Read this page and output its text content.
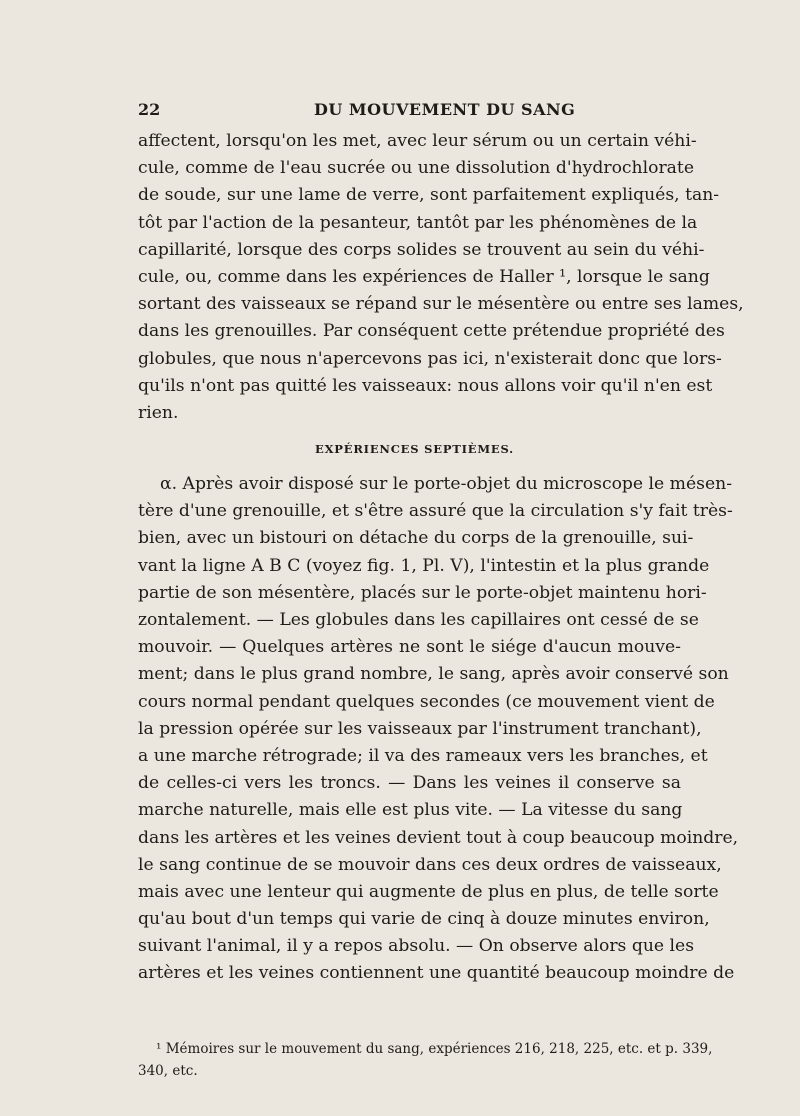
22	DU MOUVEMENT DU SANG
affectent, lorsqu'on les met, avec leur sérum ou un certain véhi-
cule, comme de l'eau sucrée ou une dissolution d'hydrochlorate
de soude, sur une lame de verre, sont parfaitement expliqués, tan-
tôt par l'action de la pesanteur, tantôt par les phénomènes de la
capillarité, lorsque des corps solides se trouvent au sein du véhi-
cule, ou, comme dans les expériences de Haller ¹, lorsque le sang
sortant des vaisseaux se répand sur le mésentère ou entre ses lames,
dans les grenouilles. Par conséquent cette prétendue propriété des
globules, que nous n'apercevons pas ici, n'existerait donc que lors-
qu'ils n'ont pas quitté les vaisseaux: nous allons voir qu'il n'en est
rien.
EXPÉRIENCES SEPTIÈMES.
α. Après avoir disposé sur le porte-objet du microscope le mésen-
tère d'une grenouille, et s'être assuré que la circulation s'y fait très-
bien, avec un bistouri on détache du corps de la grenouille, sui-
vant la ligne A B C (voyez fig. 1, Pl. V), l'intestin et la plus grande
partie de son mésentère, placés sur le porte-objet maintenu hori-
zontalement. — Les globules dans les capillaires ont cessé de se
mouvoir. — Quelques artères ne sont le siége d'aucun mouve-
ment; dans le plus grand nombre, le sang, après avoir conservé son
cours normal pendant quelques secondes (ce mouvement vient de
la pression opérée sur les vaisseaux par l'instrument tranchant),
a une marche rétrograde; il va des rameaux vers les branches, et
de celles-ci vers les troncs. — Dans les veines il conserve sa
marche naturelle, mais elle est plus vite. — La vitesse du sang
dans les artères et les veines devient tout à coup beaucoup moindre,
le sang continue de se mouvoir dans ces deux ordres de vaisseaux,
mais avec une lenteur qui augmente de plus en plus, de telle sorte
qu'au bout d'un temps qui varie de cinq à douze minutes environ,
suivant l'animal, il y a repos absolu. — On observe alors que les
artères et les veines contiennent une quantité beaucoup moindre de
¹ Mémoires sur le mouvement du sang, expériences 216, 218, 225, etc. et p. 339,
340, etc.
